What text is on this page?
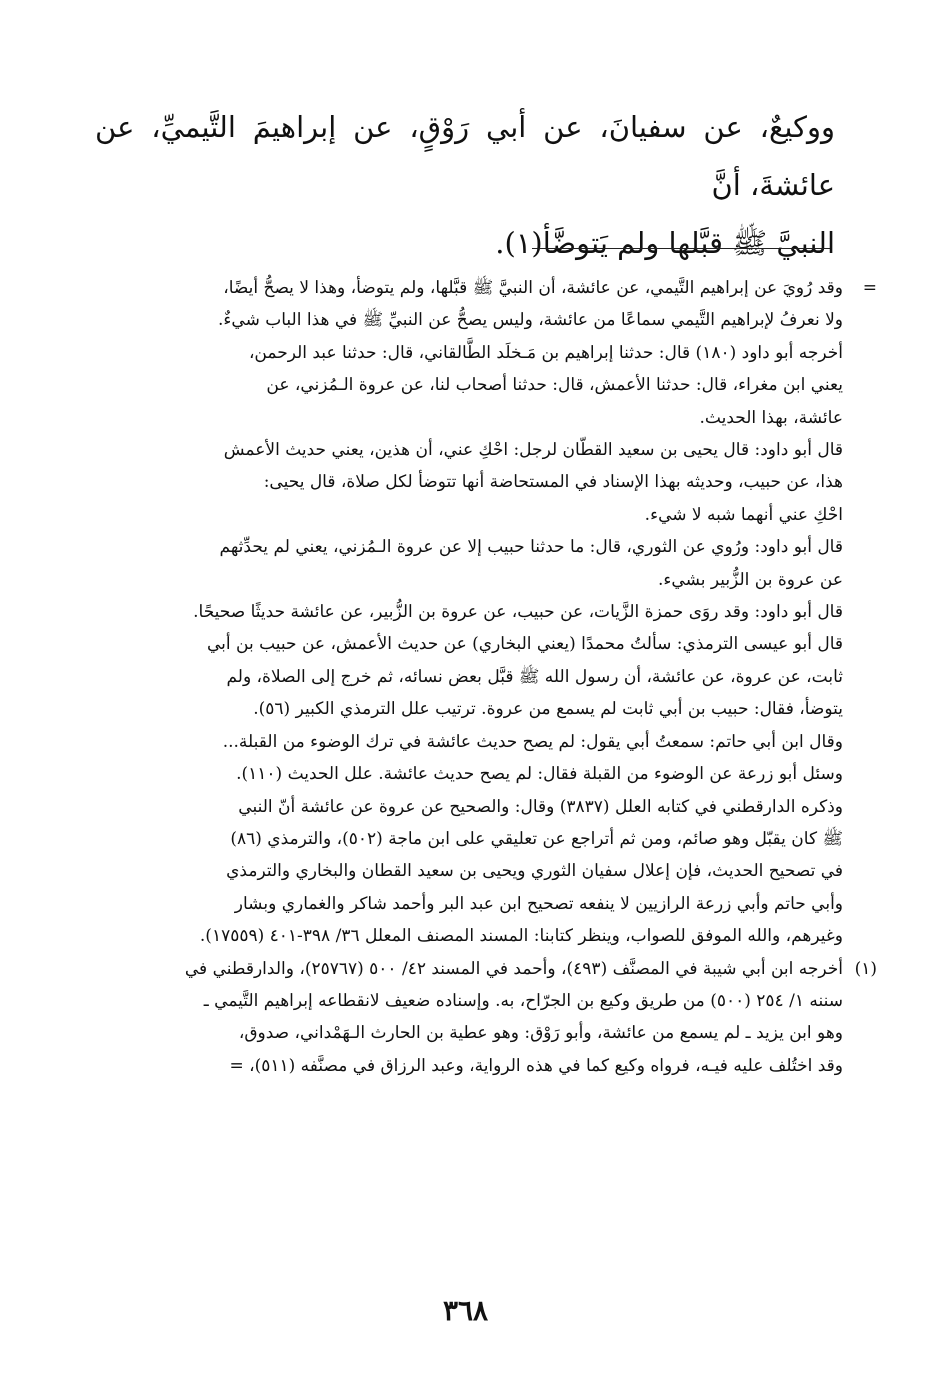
ووكيعٌ، عن سفيانَ، عن أبي رَوْقٍ، عن إبراهيمَ التَّيميِّ، عن عائشةَ، أنَّ

النبيَّ ﷺ قبَّلها ولم يَتوضَّأ(١).

=
وقد رُويَ عن إبراهيم التَّيمي، عن عائشة، أن النبيَّ ﷺ قبَّلها، ولم يتوضأ، وهذا لا يصحُّ أيضًا،

ولا نعرفُ لإبراهيم التَّيمي سماعًا من عائشة، وليس يصحُّ عن النبيِّ ﷺ في هذا الباب شيءٌ.

أخرجه أبو داود (١٨٠) قال: حدثنا إبراهيم بن مَـخلَد الطَّالقاني، قال: حدثنا عبد الرحمن،

يعني ابن مغراء، قال: حدثنا الأعمش، قال: حدثنا أصحاب لنا، عن عروة الـمُزني، عن

عائشة، بهذا الحديث.

قال أبو داود: قال يحيى بن سعيد القطّان لرجل: احْكِ عني، أن هذين، يعني حديث الأعمش

هذا، عن حبيب، وحديثه بهذا الإسناد في المستحاضة أنها تتوضأ لكل صلاة، قال يحيى:

احْكِ عني أنهما شبه لا شيء.

قال أبو داود: ورُوي عن الثوري، قال: ما حدثنا حبيب إلا عن عروة الـمُزني، يعني لم يحدِّثهم

عن عروة بن الزُّبير بشيء.

قال أبو داود: وقد روَى حمزة الزَّيات، عن حبيب، عن عروة بن الزُّبير، عن عائشة حديثًا صحيحًا.

قال أبو عيسى الترمذي: سألتُ محمدًا (يعني البخاري) عن حديث الأعمش، عن حبيب بن أبي

ثابت، عن عروة، عن عائشة، أن رسول الله ﷺ قبَّل بعض نسائه، ثم خرج إلى الصلاة، ولم

يتوضأ، فقال: حبيب بن أبي ثابت لم يسمع من عروة. ترتيب علل الترمذي الكبير (٥٦).

وقال ابن أبي حاتم: سمعتُ أبي يقول: لم يصح حديث عائشة في ترك الوضوء من القبلة...

وسئل أبو زرعة عن الوضوء من القبلة فقال: لم يصح حديث عائشة. علل الحديث (١١٠).

وذكره الدارقطني في كتابه العلل (٣٨٣٧) وقال: والصحيح عن عروة عن عائشة أنّ النبي

ﷺ كان يقبّل وهو صائم، ومن ثم أتراجع عن تعليقي على ابن ماجة (٥٠٢)، والترمذي (٨٦)

في تصحيح الحديث، فإن إعلال سفيان الثوري ويحيى بن سعيد القطان والبخاري والترمذي

وأبي حاتم وأبي زرعة الرازيين لا ينفعه تصحيح ابن عبد البر وأحمد شاكر والغماري وبشار

وغيرهم، والله الموفق للصواب، وينظر كتابنا: المسند المصنف المعلل ٣٦/ ٣٩٨-٤٠١ (١٧٥٥٩).

(١)
أخرجه ابن أبي شيبة في المصنَّف (٤٩٣)، وأحمد في المسند ٤٢/ ٥٠٠ (٢٥٧٦٧)، والدارقطني في

سننه ١/ ٢٥٤ (٥٠٠) من طريق وكيع بن الجرّاح، به. وإسناده ضعيف لانقطاعه إبراهيم التَّيمي ـ

وهو ابن يزيد ـ لم يسمع من عائشة، وأبو رَوْق: وهو عطية بن الحارث الـهَمْداني، صدوق،

وقد اختُلف عليه فيـه، فرواه وكيع كما في هذه الرواية، وعبد الرزاق في مصنَّفه (٥١١)، =

٣٦٨
